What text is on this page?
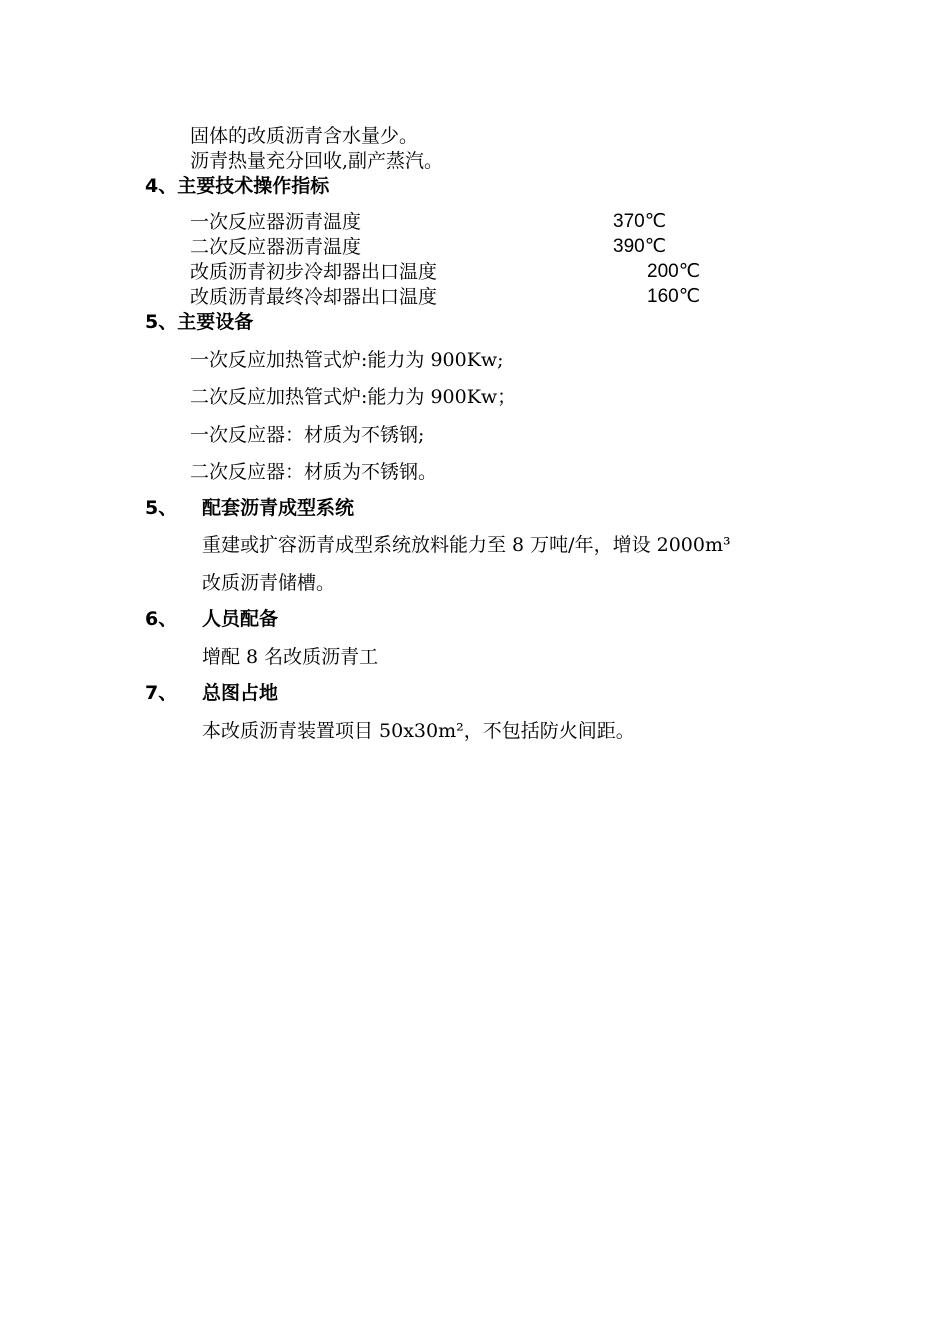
固体的改质沥青含水量少。
沥青热量充分回收,副产蒸汽。
4、主要技术操作指标
一次反应器沥青温度	370℃
二次反应器沥青温度	390℃
改质沥青初步冷却器出口温度	200℃
改质沥青最终冷却器出口温度	160℃
5、主要设备
一次反应加热管式炉:能力为 900Kw;
二次反应加热管式炉:能力为 900Kw；
一次反应器：材质为不锈钢;
二次反应器：材质为不锈钢。
5、 配套沥青成型系统
重建或扩容沥青成型系统放料能力至 8 万吨/年，增设 2000m³
改质沥青储槽。
6、 人员配备
增配 8 名改质沥青工
7、 总图占地
本改质沥青装置项目 50x30m²，不包括防火间距。
